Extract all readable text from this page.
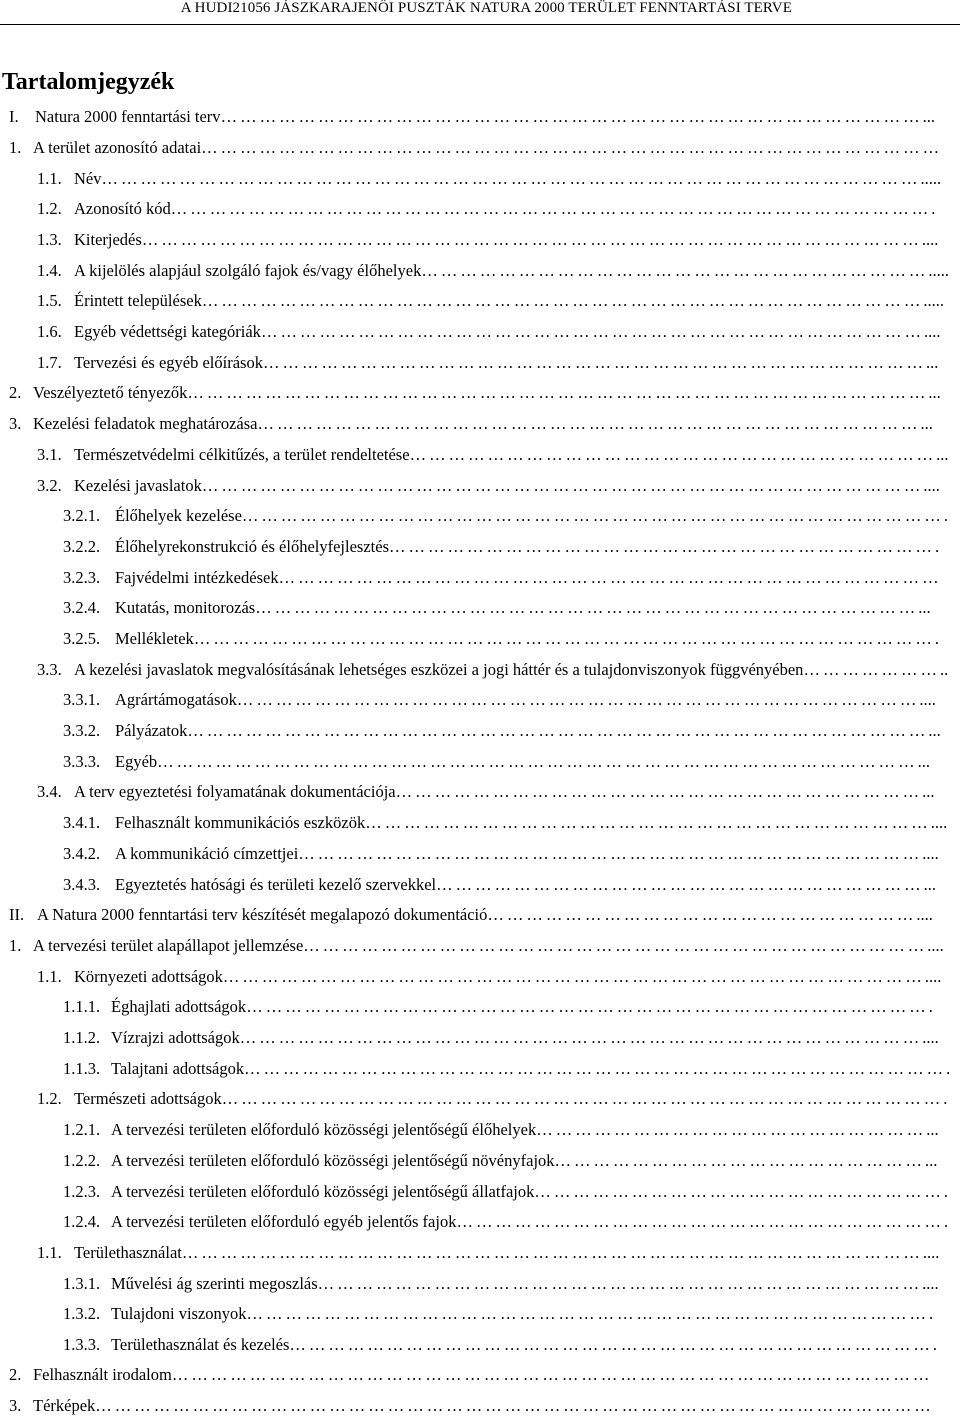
A HUDI21056 JÁSZKARAJENŐI PUSZTÁK NATURA 2000 TERÜLET FENNTARTÁSI TERVE
Tartalomjegyzék
I. Natura 2000 fenntartási terv………………………………………………………………………………………………...
1. A terület azonosító adatai……………………………………………………………………………………………………
1.1. Név……………………………………………………………………………………………………………….....
1.2. Azonosító kód……………………………………………………………………………………………………….
1.3. Kiterjedés…………………………………………………………………………………………………………....
1.4. A kijelölés alapjául szolgáló fajok és/vagy élőhelyek…………………………………………………………………….....
1.5. Érintett települések………………………………………………………………………………………………….....
1.6. Egyéb védettségi kategóriák…………………………………………………………………………………………....
1.7. Tervezési és egyéb előírások…………………………………………………………………………………………...
2. Veszélyeztető tényezők……………………………………………………………………………………………………...
3. Kezelési feladatok meghatározása…………………………………………………………………………………………...
3.1. Természetvédelmi célkitűzés, a terület rendeltetése………………………………………………………………………...
3.2. Kezelési javaslatok…………………………………………………………………………………………………....
3.2.1. Élőhelyek kezelése……………………………………………………………………………………………….
3.2.2. Élőhelyrekonstrukció és élőhelyfejlesztés………………………………………………………………………….
3.2.3. Fajvédelmi intézkedések…………………………………………………………………………………………
3.2.4. Kutatás, monitorozás…………………………………………………………………………………………...
3.2.5. Mellékletek…………………………………………………………………………………………………….
3.3. A kezelési javaslatok megvalósításának lehetséges eszközei a jogi háttér és a tulajdonviszonyok függvényében…………………..
3.3.1. Agrártámogatások……………………………………………………………………………………………....
3.3.2. Pályázatok……………………………………………………………………………………………………...
3.3.3. Egyéb………………………………………………………………………………………………………...
3.4. A terv egyeztetési folyamatának dokumentációja………………………………………………………………………...
3.4.1. Felhasznált kommunikációs eszközök……………………………………………………………………………....
3.4.2. A kommunikáció címzettjei……………………………………………………………………………………....
3.4.3. Egyeztetés hatósági és területi kezelő szervekkel…………………………………………………………………...
II. A Natura 2000 fenntartási terv készítését megalapozó dokumentáció…………………………………………………………....
1. A tervezési terület alapállapot jellemzése……………………………………………………………………………………....
1.1. Környezeti adottságok………………………………………………………………………………………………....
1.1.1. Éghajlati adottságok…………………………………………………………………………………………….
1.1.2. Vízrajzi adottságok……………………………………………………………………………………………....
1.1.3. Talajtani adottságok……………………………………………………………………………………………….
1.2. Természeti adottságok………………………………………………………………………………………………….
1.2.1. A tervezési területen előforduló közösségi jelentőségű élőhelyek……………………………………………………...
1.2.2. A tervezési területen előforduló közösségi jelentőségű növényfajok…………………………………………………...
1.2.3. A tervezési területen előforduló közösségi jelentőségű állatfajok……………………………………………………….
1.2.4. A tervezési területen előforduló egyéb jelentős fajok………………………………………………………………….
1.1. Területhasználat……………………………………………………………………………………………………....
1.3.1. Művelési ág szerinti megoszlás…………………………………………………………………………………....
1.3.2. Tulajdoni viszonyok…………………………………………………………………………………………….
1.3.3. Területhasználat és kezelés……………………………………………………………………………………….
2. Felhasznált irodalom………………………………………………………………………………………………………
3. Térképek…………………………………………………………………………………………………………………
